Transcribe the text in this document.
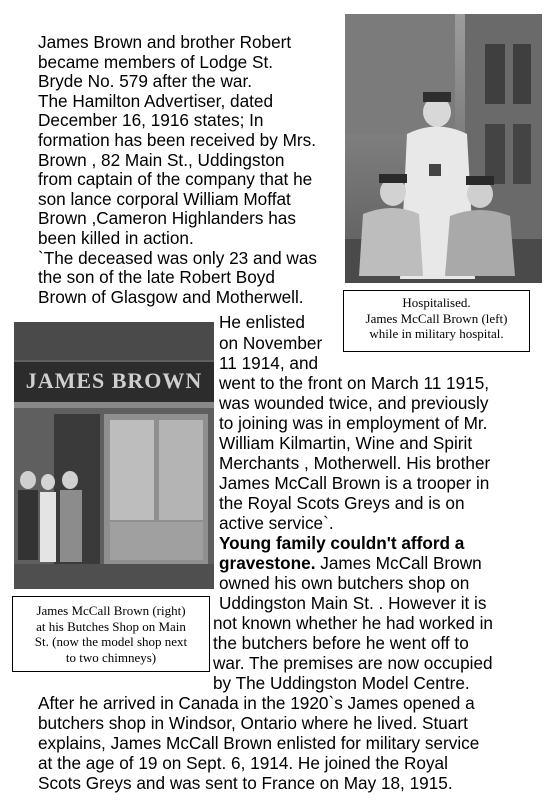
James Brown and brother Robert
became members of Lodge St.
Bryde No. 579 after the war.
The Hamilton Advertiser, dated
December 16, 1916 states; In
formation has been received by Mrs.
Brown , 82 Main St., Uddingston
from captain of the company that he
son lance corporal William Moffat
Brown ,Cameron Highlanders has
been killed in action.
`The deceased was only 23 and was
the son of the late Robert Boyd
Brown of Glasgow and Motherwell.	Hospitalised.
James McCall Brown (left)
while in military hospital.
JAMES BROWN
James McCall Brown (right)
at his Butches Shop on Main
St. (now the model shop next
to two chimneys)
He enlisted
on November
11 1914, and
went to the front on March 11 1915,
was wounded twice, and previously
to joining was in employment of Mr.
William Kilmartin, Wine and Spirit
Merchants , Motherwell. His brother
James McCall Brown is a trooper in
the Royal Scots Greys and is on
active service`.
Young family couldn't afford a
gravestone. James McCall Brown
owned his own butchers shop on
Uddingston Main St. . However it is
not known whether he had worked in
the butchers before he went off to
war. The premises are now occupied
by The Uddingston Model Centre.
After he arrived in Canada in the 1920`s James opened a
butchers shop in Windsor, Ontario where he lived. Stuart
explains, James McCall Brown enlisted for military service
at the age of 19 on Sept. 6, 1914. He joined the Royal
Scots Greys and was sent to France on May 18, 1915.
